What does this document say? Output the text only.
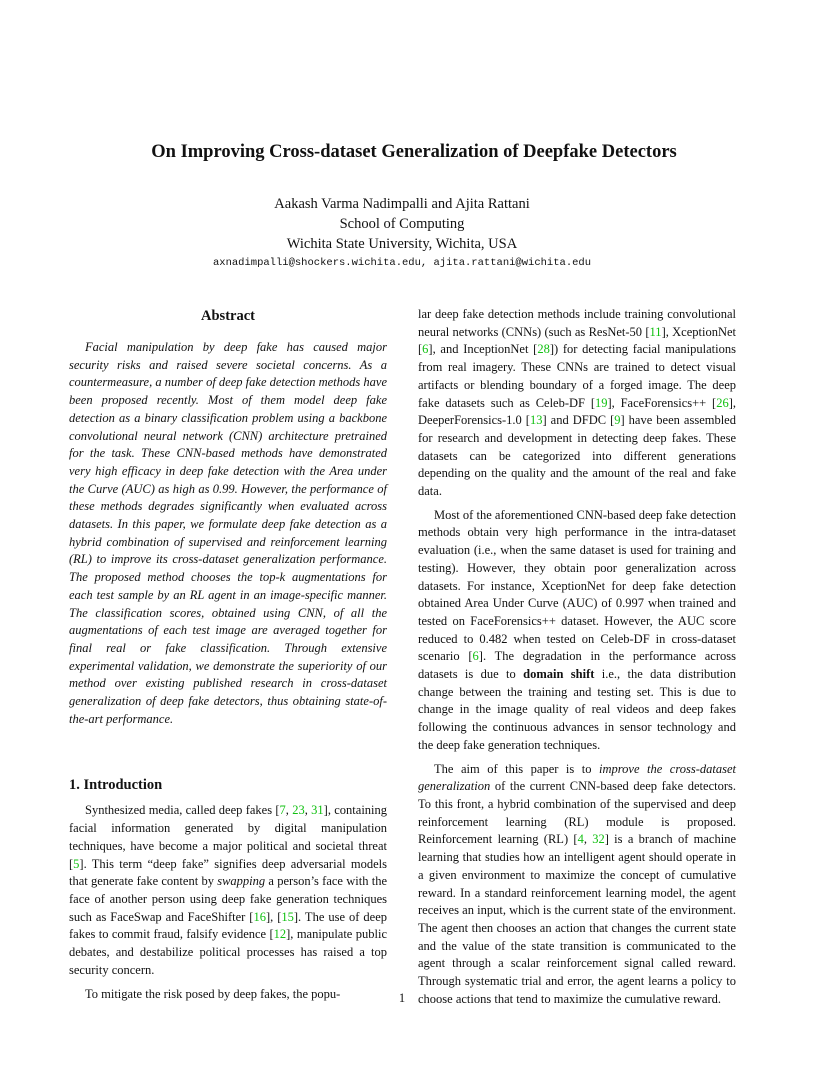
On Improving Cross-dataset Generalization of Deepfake Detectors
Aakash Varma Nadimpalli and Ajita Rattani
School of Computing
Wichita State University, Wichita, USA
axnadimpalli@shockers.wichita.edu, ajita.rattani@wichita.edu
Abstract

Facial manipulation by deep fake has caused major security risks and raised severe societal concerns. As a countermeasure, a number of deep fake detection methods have been proposed recently. Most of them model deep fake detection as a binary classification problem using a backbone convolutional neural network (CNN) architecture pretrained for the task. These CNN-based methods have demonstrated very high efficacy in deep fake detection with the Area under the Curve (AUC) as high as 0.99. However, the performance of these methods degrades significantly when evaluated across datasets. In this paper, we formulate deep fake detection as a hybrid combination of supervised and reinforcement learning (RL) to improve its cross-dataset generalization performance. The proposed method chooses the top-k augmentations for each test sample by an RL agent in an image-specific manner. The classification scores, obtained using CNN, of all the augmentations of each test image are averaged together for final real or fake classification. Through extensive experimental validation, we demonstrate the superiority of our method over existing published research in cross-dataset generalization of deep fake detectors, thus obtaining state-of-the-art performance.

1. Introduction

Synthesized media, called deep fakes [7, 23, 31], containing facial information generated by digital manipulation techniques, have become a major political and societal threat [5]. This term “deep fake” signifies deep adversarial models that generate fake content by swapping a person’s face with the face of another person using deep fake generation techniques such as FaceSwap and FaceShifter [16], [15]. The use of deep fakes to commit fraud, falsify evidence [12], manipulate public debates, and destabilize political processes has raised a top security concern.

To mitigate the risk posed by deep fakes, the popu-

lar deep fake detection methods include training convolutional neural networks (CNNs) (such as ResNet-50 [11], XceptionNet [6], and InceptionNet [28]) for detecting facial manipulations from real imagery. These CNNs are trained to detect visual artifacts or blending boundary of a forged image. The deep fake datasets such as Celeb-DF [19], FaceForensics++ [26], DeeperForensics-1.0 [13] and DFDC [9] have been assembled for research and development in detecting deep fakes. These datasets can be categorized into different generations depending on the quality and the amount of the real and fake data.

Most of the aforementioned CNN-based deep fake detection methods obtain very high performance in the intra-dataset evaluation (i.e., when the same dataset is used for training and testing). However, they obtain poor generalization across datasets. For instance, XceptionNet for deep fake detection obtained Area Under Curve (AUC) of 0.997 when trained and tested on FaceForensics++ dataset. However, the AUC score reduced to 0.482 when tested on Celeb-DF in cross-dataset scenario [6]. The degradation in the performance across datasets is due to domain shift i.e., the data distribution change between the training and testing set. This is due to change in the image quality of real videos and deep fakes following the continuous advances in sensor technology and the deep fake generation techniques.

The aim of this paper is to improve the cross-dataset generalization of the current CNN-based deep fake detectors. To this front, a hybrid combination of the supervised and deep reinforcement learning (RL) module is proposed. Reinforcement learning (RL) [4, 32] is a branch of machine learning that studies how an intelligent agent should operate in a given environment to maximize the concept of cumulative reward. In a standard reinforcement learning model, the agent receives an input, which is the current state of the environment. The agent then chooses an action that changes the current state and the value of the state transition is communicated to the agent through a scalar reinforcement signal called reward. Through systematic trial and error, the agent learns a policy to choose actions that tend to maximize the cumulative reward.

1
